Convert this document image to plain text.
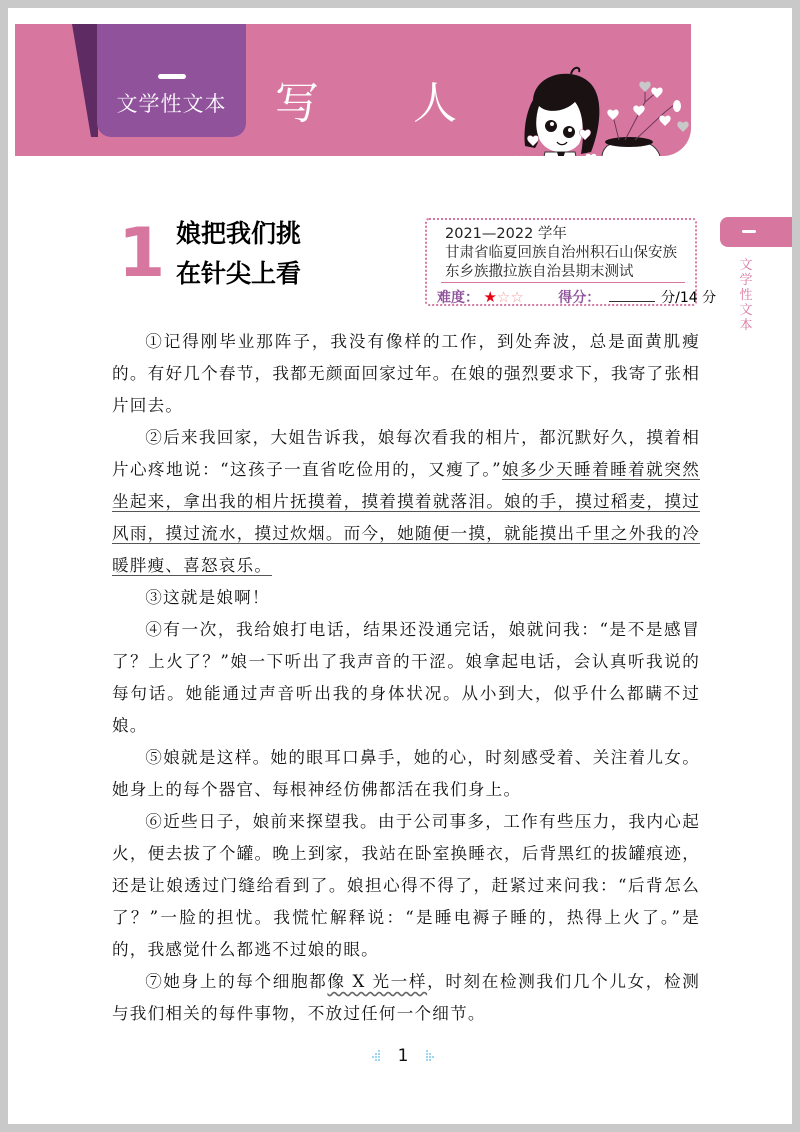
文学性文本	写 人
文学性文本
1 娘把我们挑
在针尖上看
2021—2022 学年
甘肃省临夏回族自治州积石山保安族
东乡族撒拉族自治县期末测试
难度： ★☆☆ 得分：	分/14 分

①记得刚毕业那阵子，我没有像样的工作，到处奔波，总是面黄肌瘦的。有好几个春节，我都无颜面回家过年。在娘的强烈要求下，我寄了张相片回去。

②后来我回家，大姐告诉我，娘每次看我的相片，都沉默好久，摸着相片心疼地说：“这孩子一直省吃俭用的，又瘦了。”娘多少天睡着睡着就突然坐起来，拿出我的相片抚摸着，摸着摸着就落泪。娘的手，摸过稻麦，摸过风雨，摸过流水，摸过炊烟。而今，她随便一摸，就能摸出千里之外我的冷暖胖瘦、喜怒哀乐。

③这就是娘啊！

④有一次，我给娘打电话，结果还没通完话，娘就问我：“是不是感冒了？上火了？”娘一下听出了我声音的干涩。娘拿起电话，会认真听我说的每句话。她能通过声音听出我的身体状况。从小到大，似乎什么都瞒不过娘。

⑤娘就是这样。她的眼耳口鼻手，她的心，时刻感受着、关注着儿女。她身上的每个器官、每根神经仿佛都活在我们身上。

⑥近些日子，娘前来探望我。由于公司事多，工作有些压力，我内心起火，便去拔了个罐。晚上到家，我站在卧室换睡衣，后背黑红的拔罐痕迹，还是让娘透过门缝给看到了。娘担心得不得了，赶紧过来问我：“后背怎么了？”一脸的担忧。我慌忙解释说：“是睡电褥子睡的，热得上火了。”是的，我感觉什么都逃不过娘的眼。

⑦她身上的每个细胞都像 X 光一样，时刻在检测我们几个儿女，检测与我们相关的每件事物，不放过任何一个细节。

1
